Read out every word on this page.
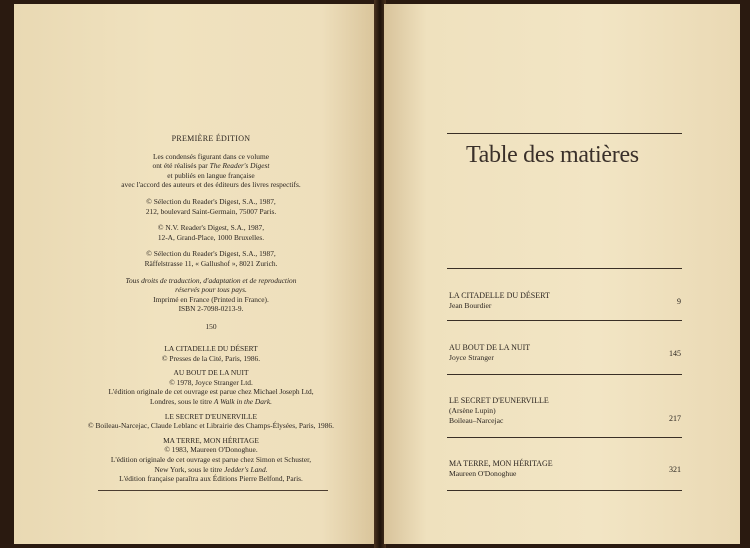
PREMIÈRE ÉDITION

Les condensés figurant dans ce volume

ont été réalisés par The Reader's Digest

et publiés en langue française

avec l'accord des auteurs et des éditeurs des livres respectifs.

© Sélection du Reader's Digest, S.A., 1987,

212, boulevard Saint-Germain, 75007 Paris.

© N.V. Reader's Digest, S.A., 1987,

12-A, Grand-Place, 1000 Bruxelles.

© Sélection du Reader's Digest, S.A., 1987,

Räffelstrasse 11, « Gallushof », 8021 Zurich.

Tous droits de traduction, d'adaptation et de reproduction

réservés pour tous pays.

Imprimé en France (Printed in France).

ISBN 2-7098-0213-9.

150

LA CITADELLE DU DÉSERT

© Presses de la Cité, Paris, 1986.

AU BOUT DE LA NUIT

© 1978, Joyce Stranger Ltd.

L'édition originale de cet ouvrage est parue chez Michael Joseph Ltd,

Londres, sous le titre A Walk in the Dark.

LE SECRET D'EUNERVILLE

© Boileau-Narcejac, Claude Leblanc et Librairie des Champs-Élysées, Paris, 1986.

MA TERRE, MON HÉRITAGE

© 1983, Maureen O'Donoghue.

L'édition originale de cet ouvrage est parue chez Simon et Schuster,

New York, sous le titre Jedder's Land.

L'édition française paraîtra aux Éditions Pierre Belfond, Paris.

Table des matières
LA CITADELLE DU DÉSERT
Jean Bourdier	9
AU BOUT DE LA NUIT
Joyce Stranger	145
LE SECRET D'EUNERVILLE
(Arsène Lupin)
Boileau–Narcejac	217
MA TERRE, MON HÉRITAGE
Maureen O'Donoghue	321
